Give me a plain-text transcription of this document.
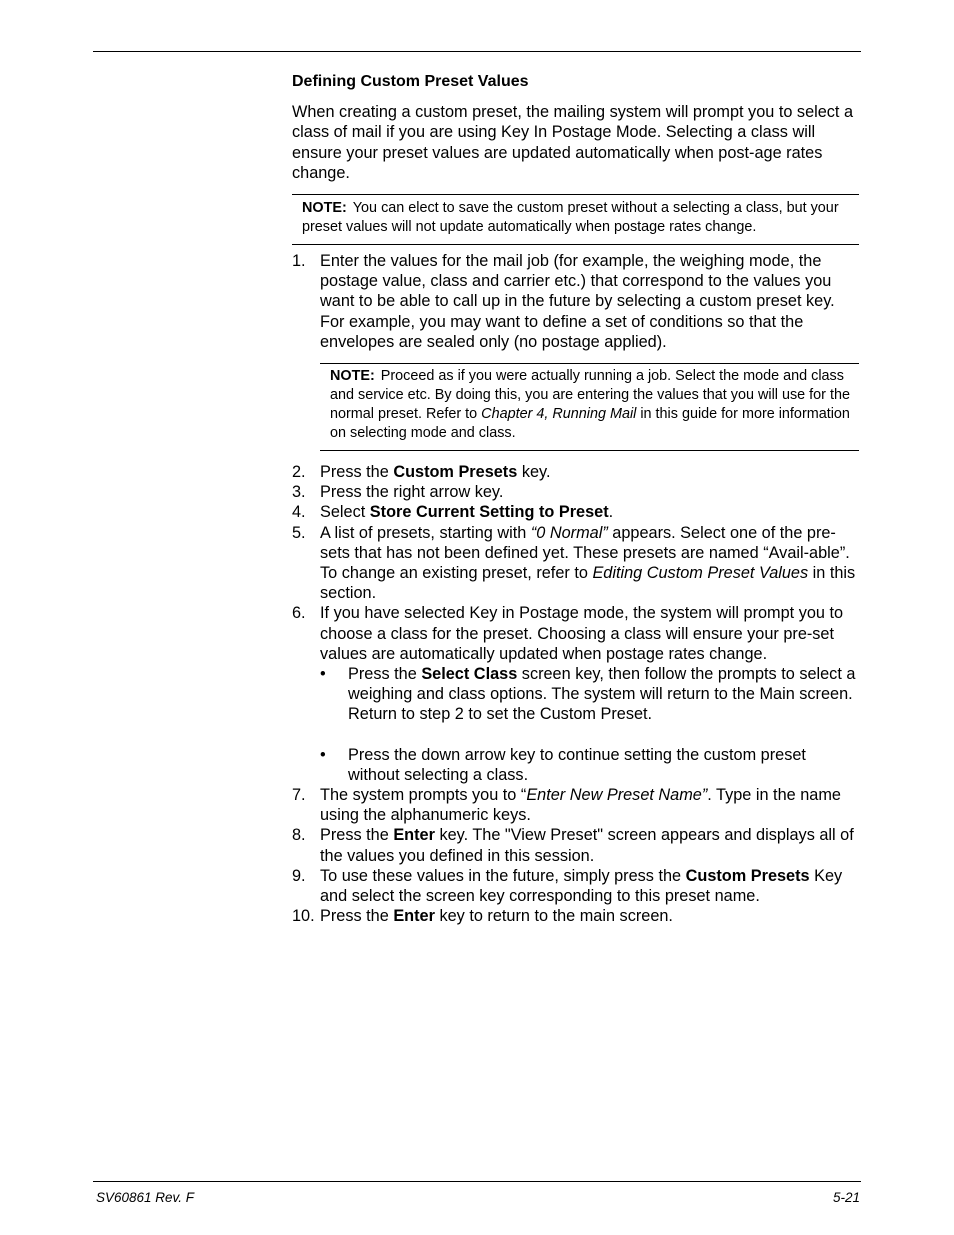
Defining Custom Preset Values
When creating a custom preset, the mailing system will prompt you to select a class of mail if you are using Key In Postage Mode. Selecting a class will ensure your preset values are updated automatically when post-age rates change.
NOTE: You can elect to save the custom preset without a selecting a class, but your preset values will not update automatically when postage rates change.
1. Enter the values for the mail job (for example, the weighing mode, the postage value, class and carrier etc.) that correspond to the values you want to be able to call up in the future by selecting a custom preset key. For example, you may want to define a set of conditions so that the envelopes are sealed only (no postage applied).
NOTE: Proceed as if you were actually running a job. Select the mode and class and service etc. By doing this, you are entering the values that you will use for the normal preset. Refer to Chapter 4, Running Mail in this guide for more information on selecting mode and class.
2. Press the Custom Presets key.
3. Press the right arrow key.
4. Select Store Current Setting to Preset.
5. A list of presets, starting with “0 Normal” appears. Select one of the pre-sets that has not been defined yet. These presets are named “Avail-able”. To change an existing preset, refer to Editing Custom Preset Values in this section.
6. If you have selected Key in Postage mode, the system will prompt you to choose a class for the preset. Choosing a class will ensure your pre-set values are automatically updated when postage rates change.
• Press the Select Class screen key, then follow the prompts to select a weighing and class options. The system will return to the Main screen. Return to step 2 to set the Custom Preset.
• Press the down arrow key to continue setting the custom preset without selecting a class.
7. The system prompts you to “Enter New Preset Name”. Type in the name using the alphanumeric keys.
8. Press the Enter key. The "View Preset" screen appears and displays all of the values you defined in this session.
9. To use these values in the future, simply press the Custom Presets Key and select the screen key corresponding to this preset name.
10. Press the Enter key to return to the main screen.
SV60861 Rev. F	5-21
